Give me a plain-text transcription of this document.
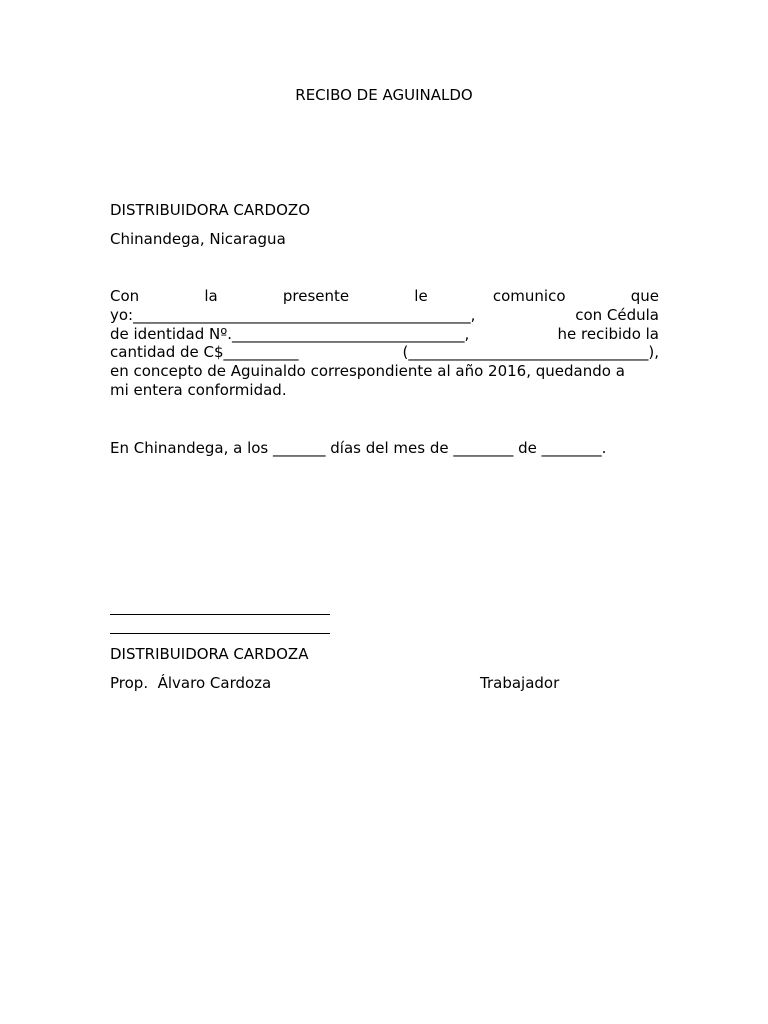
RECIBO DE AGUINALDO
DISTRIBUIDORA CARDOZO
Chinandega, Nicaragua
Con	la	presente	le	comunico	que
yo:_____________________________________________,	con Cédula
de identidad Nº._______________________________,	he recibido la
cantidad de C$__________	(________________________________),
en concepto de Aguinaldo correspondiente al año 2016, quedando a
mi entera conformidad.
En Chinandega, a los _______ días del mes de ________ de ________.
DISTRIBUIDORA CARDOZA
Prop.  Álvaro Cardoza	Trabajador
